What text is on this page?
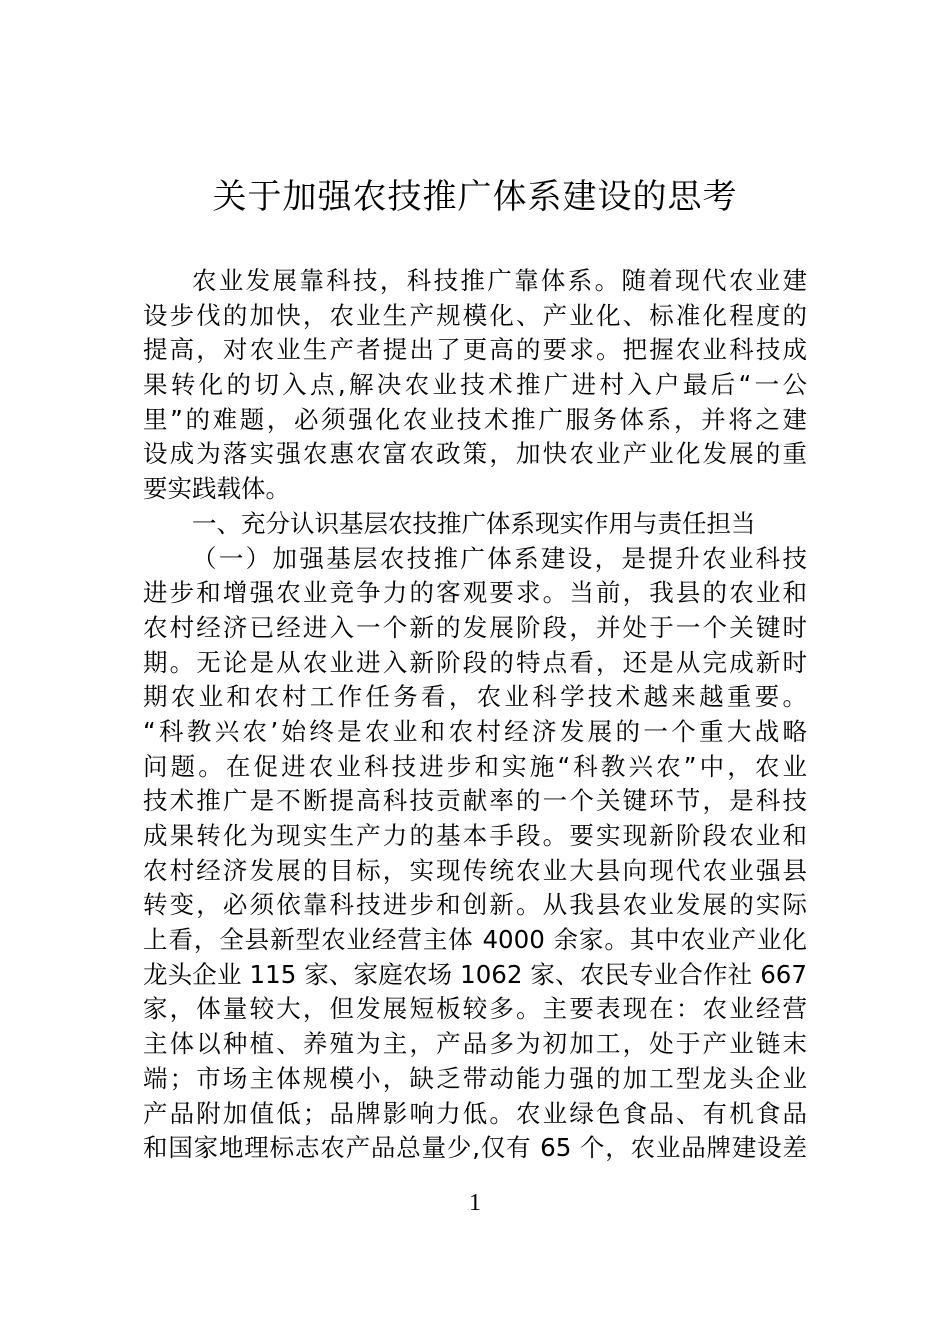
关于加强农技推广体系建设的思考
农业发展靠科技，科技推广靠体系。随着现代农业建
设步伐的加快，农业生产规模化、产业化、标准化程度的
提高，对农业生产者提出了更高的要求。把握农业科技成
果转化的切入点,解决农业技术推广进村入户最后“一公
里”的难题，必须强化农业技术推广服务体系，并将之建
设成为落实强农惠农富农政策，加快农业产业化发展的重
要实践载体。
一、充分认识基层农技推广体系现实作用与责任担当
（一）加强基层农技推广体系建设，是提升农业科技
进步和增强农业竞争力的客观要求。当前，我县的农业和
农村经济已经进入一个新的发展阶段，并处于一个关键时
期。无论是从农业进入新阶段的特点看，还是从完成新时
期农业和农村工作任务看，农业科学技术越来越重要。
“科教兴农’始终是农业和农村经济发展的一个重大战略
问题。在促进农业科技进步和实施“科教兴农”中，农业
技术推广是不断提高科技贡献率的一个关键环节，是科技
成果转化为现实生产力的基本手段。要实现新阶段农业和
农村经济发展的目标，实现传统农业大县向现代农业强县
转变，必须依靠科技进步和创新。从我县农业发展的实际
上看，全县新型农业经营主体 4000 余家。其中农业产业化
龙头企业 115 家、家庭农场 1062 家、农民专业合作社 667
家，体量较大，但发展短板较多。主要表现在：农业经营
主体以种植、养殖为主，产品多为初加工，处于产业链末
端；市场主体规模小，缺乏带动能力强的加工型龙头企业
产品附加值低；品牌影响力低。农业绿色食品、有机食品
和国家地理标志农产品总量少,仅有 65 个，农业品牌建设差
1
